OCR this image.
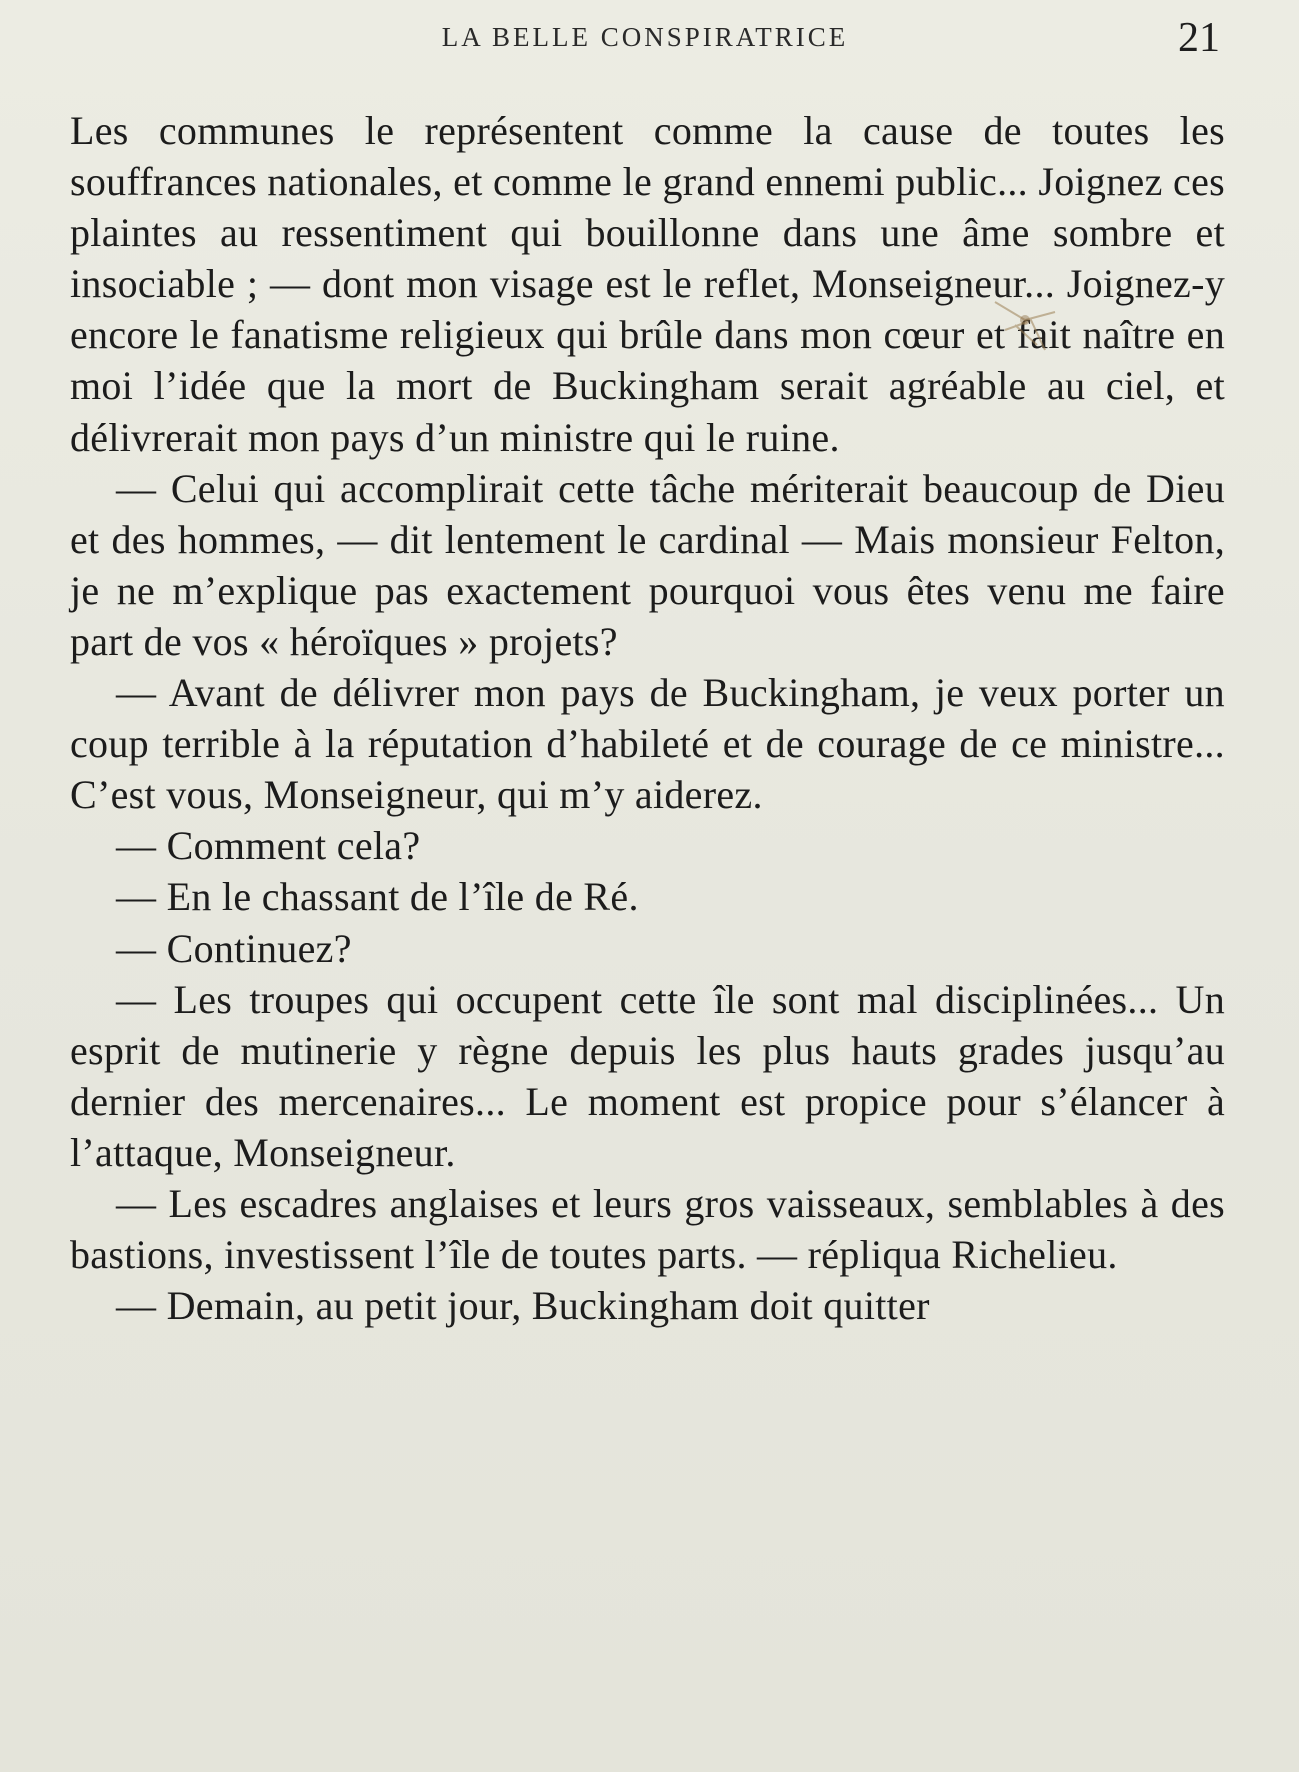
LA BELLE CONSPIRATRICE	21

Les communes le représentent comme la cause de toutes les souffrances nationales, et comme le grand ennemi public... Joignez ces plaintes au ressentiment qui bouillonne dans une âme sombre et insociable ; — dont mon visage est le reflet, Monseigneur... Joignez-y encore le fanatisme religieux qui brûle dans mon cœur et fait naître en moi l’idée que la mort de Buckingham serait agréable au ciel, et délivrerait mon pays d’un ministre qui le ruine.

— Celui qui accomplirait cette tâche mériterait beaucoup de Dieu et des hommes, — dit lentement le cardinal — Mais monsieur Felton, je ne m’explique pas exactement pourquoi vous êtes venu me faire part de vos « héroïques » projets?

— Avant de délivrer mon pays de Buckingham, je veux porter un coup terrible à la réputation d’habileté et de courage de ce ministre... C’est vous, Monseigneur, qui m’y aiderez.

— Comment cela?

— En le chassant de l’île de Ré.

— Continuez?

— Les troupes qui occupent cette île sont mal disciplinées... Un esprit de mutinerie y règne depuis les plus hauts grades jusqu’au dernier des mercenaires... Le moment est propice pour s’élancer à l’attaque, Monseigneur.

— Les escadres anglaises et leurs gros vaisseaux, semblables à des bastions, investissent l’île de toutes parts. — répliqua Richelieu.

— Demain, au petit jour, Buckingham doit quitter
